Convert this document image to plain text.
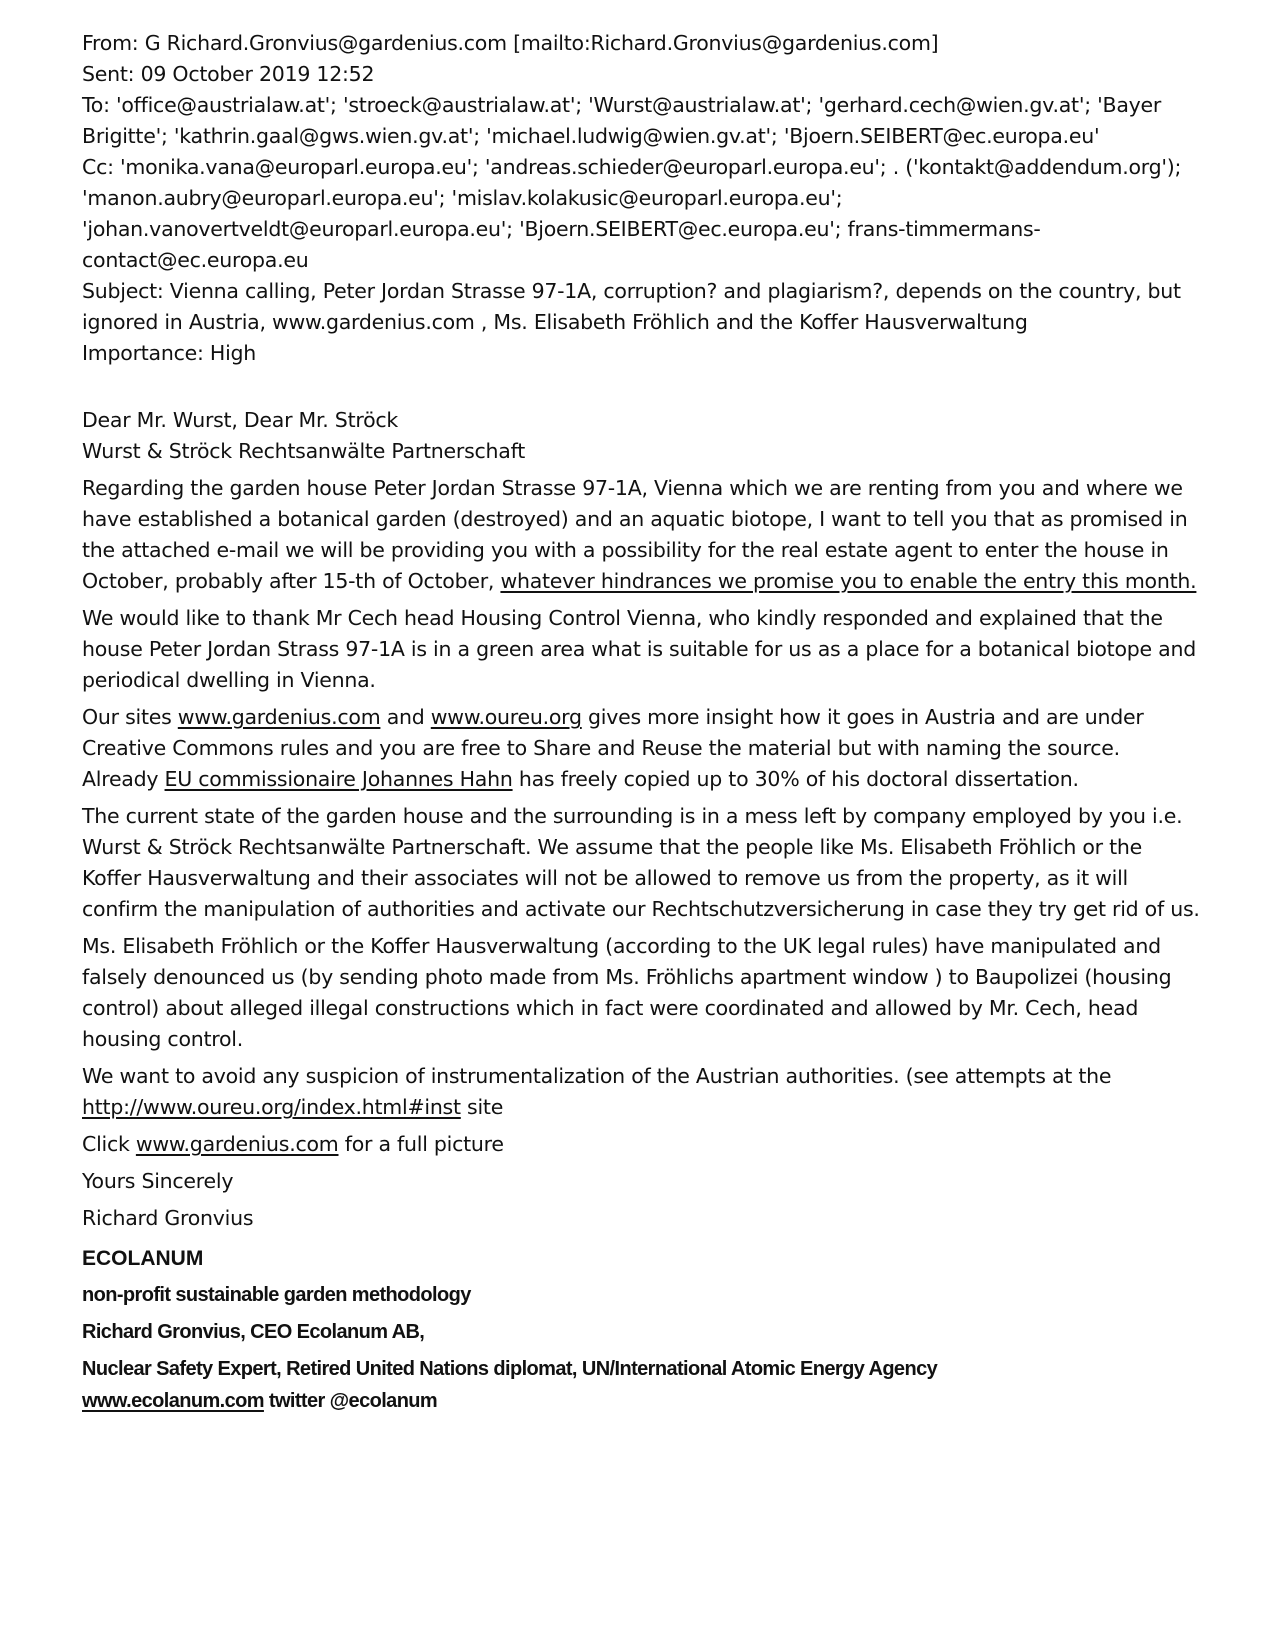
From: G Richard.Gronvius@gardenius.com [mailto:Richard.Gronvius@gardenius.com]

Sent: 09 October 2019 12:52

To: 'office@austrialaw.at'; 'stroeck@austrialaw.at'; 'Wurst@austrialaw.at'; 'gerhard.cech@wien.gv.at'; 'Bayer Brigitte'; 'kathrin.gaal@gws.wien.gv.at'; 'michael.ludwig@wien.gv.at'; 'Bjoern.SEIBERT@ec.europa.eu'

Cc: 'monika.vana@europarl.europa.eu'; 'andreas.schieder@europarl.europa.eu'; . ('kontakt@addendum.org'); 'manon.aubry@europarl.europa.eu'; 'mislav.kolakusic@europarl.europa.eu'; 'johan.vanovertveldt@europarl.europa.eu'; 'Bjoern.SEIBERT@ec.europa.eu'; frans-timmermans-contact@ec.europa.eu

Subject: Vienna calling, Peter Jordan Strasse 97-1A, corruption? and plagiarism?, depends on the country, but ignored in Austria, www.gardenius.com , Ms. Elisabeth Fröhlich and the Koffer Hausverwaltung

Importance: High

Dear Mr. Wurst, Dear Mr. Ströck

Wurst & Ströck Rechtsanwälte Partnerschaft

Regarding the garden house Peter Jordan Strasse 97-1A, Vienna which we are renting from you and where we have established a botanical garden (destroyed) and an aquatic biotope, I want to tell you that as promised in the attached e-mail we will be providing you with a possibility for the real estate agent to enter the house in October, probably after 15-th of October, whatever hindrances we promise you to enable the entry this month.

We would like to thank Mr Cech head Housing Control Vienna, who kindly responded and explained that the house Peter Jordan Strass 97-1A is in a green area what is suitable for us as a place for a botanical biotope and periodical dwelling in Vienna.

Our sites www.gardenius.com and www.oureu.org gives more insight how it goes in Austria and are under Creative Commons rules and you are free to Share and Reuse the material but with naming the source. Already EU commissionaire Johannes Hahn has freely copied up to 30% of his doctoral dissertation.

The current state of the garden house and the surrounding is in a mess left by company employed by you i.e. Wurst & Ströck Rechtsanwälte Partnerschaft. We assume that the people like Ms. Elisabeth Fröhlich or the Koffer Hausverwaltung and their associates will not be allowed to remove us from the property, as it will confirm the manipulation of authorities and activate our Rechtschutzversicherung in case they try get rid of us.

Ms. Elisabeth Fröhlich or the Koffer Hausverwaltung (according to the UK legal rules) have manipulated and falsely denounced us (by sending photo made from Ms. Fröhlichs apartment window ) to Baupolizei (housing control) about alleged illegal constructions which in fact were coordinated and allowed by Mr. Cech, head housing control.

We want to avoid any suspicion of instrumentalization of the Austrian authorities. (see attempts at the http://www.oureu.org/index.html#inst site

Click www.gardenius.com for a full picture

Yours Sincerely

Richard Gronvius

ECOLANUM

non-profit sustainable garden methodology

Richard Gronvius, CEO Ecolanum AB,

Nuclear Safety Expert, Retired United Nations diplomat, UN/International Atomic Energy Agency

www.ecolanum.com twitter @ecolanum
